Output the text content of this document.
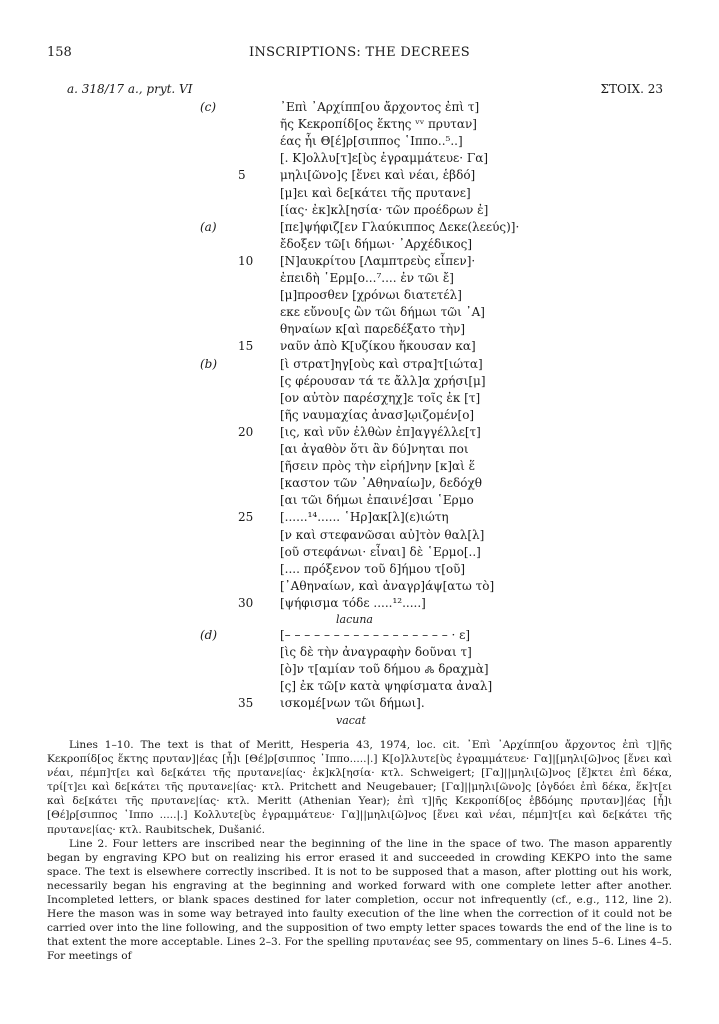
158	INSCRIPTIONS: THE DECREES
a. 318/17 a., pryt. VI	ΣΤΟΙΧ. 23
(c)	᾿Επὶ ᾿Αρχίππ[ου ἄρχοντος ἐπὶ τ]
ῆς Κεκροπίδ[ος ἕκτης ᵛᵛ πρυταν]
έας ἧι Θ[έ]ρ[σιππος ῾Ιππο..⁵..]
[. Κ]ολλυ[τ]ε[ὺς ἐγραμμάτευε· Γα]
5	μηλι[ῶνο]ς [ἕνει καὶ νέαι, ἑβδό]
[μ]ει καὶ δε[κάτει τῆς πρυτανε]
[ίας· ἐκ]κλ[ησία· τῶν προέδρων ἐ]
(a)	[πε]ψήφιζ[εν Γλαύκιππος Δεκε(λεεύς)]·
ἔδοξεν τῶ[ι δήμωι· ᾿Αρχέδικος]
10 [Ν]αυκρίτου [Λαμπτρεὺς εἶπεν]·
ἐπειδὴ ῾Ερμ[ο...⁷.... ἐν τῶι ἔ]
[μ]προσθεν [χρόνωι διατετέλ]
εκε εὔνου[ς ὢν τῶι δήμωι τῶι ᾿Α]
θηναίων κ[αὶ παρεδέξατο τὴν]
15 ναῦν ἀπὸ Κ[υζίκου ἥκουσαν κα]
(b)	[ὶ στρατ]ηγ[οὺς καὶ στρα]τ[ιώτα]
[ς φέρουσαν τά τε ἄλλ]α χρήσι[μ]
[ον αὐτὸν παρέσχηχ]ε τοῖς ἐκ [τ]
[ῆς ναυμαχίας ἀνασ]ῳιζομέν[ο]
20 [ις, καὶ νῦν ἐλθὼν ἐπ]αγγέλλε[τ]
[αι ἀγαθὸν ὅτι ἂν δύ]νηται ποι
[ῆσειν πρὸς τὴν εἰρή]νην [κ]αὶ ἕ
[καστον τῶν ᾿Αθηναίω]ν, δεδόχθ
[αι τῶι δήμωι ἐπαινέ]σαι ῾Ερμο
25 [......¹⁴...... ῾Ηρ]ακ[λ](ε)ιώτη
[ν καὶ στεφανῶσαι αὐ]τὸν θαλ[λ]
[οῦ στεφάνωι· εἶναι] δὲ ῾Ερμο[..]
[.... πρόξενον τοῦ δ]ήμου τ[οῦ]
[᾿Αθηναίων, καὶ ἀναγρ]άψ[ατω τὸ]
30 [ψήφισμα τόδε .....¹².....]
lacuna
(d)	[– – – – – – – – – – – – – – – – – · ε]
[ὶς δὲ τὴν ἀναγραφὴν δοῦναι τ]
[ὸ]ν τ[αμίαν τοῦ δήμου 🝆 δραχμὰ]
[ς] ἐκ τῶ[ν κατὰ ψηφίσματα ἀναλ]
35 ισκομέ[νων τῶι δήμωι].
vacat

Lines 1–10. The text is that of Meritt, Hesperia 43, 1974, loc. cit. ᾿Επὶ ᾿Αρχίππ[ου ἄρχοντος ἐπὶ τ]|ῆς Κεκροπίδ[ος ἕκτης πρυταν]|έας [ἧ]ι [Θέ]ρ[σιππος ῾Ιππο.....|.] Κ[ο]λλυτε[ὺς ἐγραμμάτευε· Γα]|[μηλι[ῶ]νος [ἕνει καὶ νέαι, πέμπ]τ[ει καὶ δε[κάτει τῆς πρυτανε|ίας· ἐκ]κλ[ησία· κτλ. Schweigert; [Γα]||μηλι[ῶ]νος [ἕ]κτει ἐπὶ δέκα, τρί[τ]ει καὶ δε[κάτει τῆς πρυτανε|ίας· κτλ. Pritchett and Neugebauer; [Γα]||μηλι[ῶνο]ς [ὀγδόει ἐπὶ δέκα, ἕκ]τ[ει καὶ δε[κάτει τῆς πρυτανε|ίας· κτλ. Meritt (Athenian Year); ἐπὶ τ]|ῆς Κεκροπίδ[ος ἑβδόμης πρυταν]|έας [ἧ]ι [Θέ]ρ[σιππος ῾Ιππο .....|.] Κολλυτε[ὺς ἐγραμμάτευε· Γα]||μηλι[ῶ]νος [ἕνει καὶ νέαι, πέμπ]τ[ει καὶ δε[κάτει τῆς πρυτανε|ίας· κτλ. Raubitschek, Dušanić.

Line 2. Four letters are inscribed near the beginning of the line in the space of two. The mason apparently began by engraving KPO but on realizing his error erased it and succeeded in crowding KEKPO into the same space. The text is elsewhere correctly inscribed. It is not to be supposed that a mason, after plotting out his work, necessarily began his engraving at the beginning and worked forward with one complete letter after another. Incompleted letters, or blank spaces destined for later completion, occur not infrequently (cf., e.g., 112, line 2). Here the mason was in some way betrayed into faulty execution of the line when the correction of it could not be carried over into the line following, and the supposition of two empty letter spaces towards the end of the line is to that extent the more acceptable. Lines 2–3. For the spelling πρυτανέας see 95, commentary on lines 5–6. Lines 4–5. For meetings of
